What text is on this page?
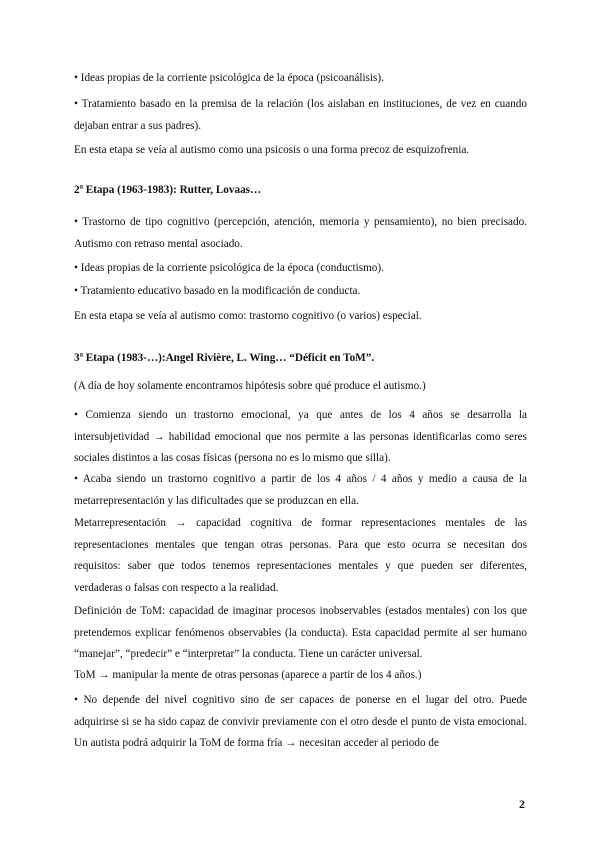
• Ideas propias de la corriente psicológica de la época (psicoanálisis).

• Tratamiento basado en la premisa de la relación (los aislaban en instituciones, de vez en cuando dejaban entrar a sus padres).

En esta etapa se veía al autismo como una psicosis o una forma precoz de esquizofrenia.

2ª Etapa (1963-1983): Rutter, Lovaas…

• Trastorno de tipo cognitivo (percepción, atención, memoria y pensamiento), no bien precisado. Autismo con retraso mental asociado.

• Ideas propias de la corriente psicológica de la época (conductismo).

• Tratamiento educativo basado en la modificación de conducta.

En esta etapa se veía al autismo como: trastorno cognitivo (o varios) especial.

3ª Etapa (1983-…):Angel Rivière, L. Wing… “Déficit en ToM”.

(A día de hoy solamente encontramos hipótesis sobre qué produce el autismo.)

• Comienza siendo un trastorno emocional, ya que antes de los 4 años se desarrolla la intersubjetividad → habilidad emocional que nos permite a las personas identificarlas como seres sociales distintos a las cosas físicas (persona no es lo mismo que silla).

• Acaba siendo un trastorno cognitivo a partir de los 4 años / 4 años y medio a causa de la metarrepresentación y las dificultades que se produzcan en ella.

Metarrepresentación → capacidad cognitiva de formar representaciones mentales de las representaciones mentales que tengan otras personas. Para que esto ocurra se necesitan dos requisitos: saber que todos tenemos representaciones mentales y que pueden ser diferentes, verdaderas o falsas con respecto a la realidad.

Definición de ToM: capacidad de imaginar procesos inobservables (estados mentales) con los que pretendemos explicar fenómenos observables (la conducta). Esta capacidad permite al ser humano “manejar”, “predecir” e “interpretar” la conducta. Tiene un carácter universal.

ToM → manipular la mente de otras personas (aparece a partir de los 4 años.)

• No depende del nivel cognitivo sino de ser capaces de ponerse en el lugar del otro. Puede adquirirse si se ha sido capaz de convivir previamente con el otro desde el punto de vista emocional. Un autista podrá adquirir la ToM de forma fría → necesitan acceder al periodo de

2
